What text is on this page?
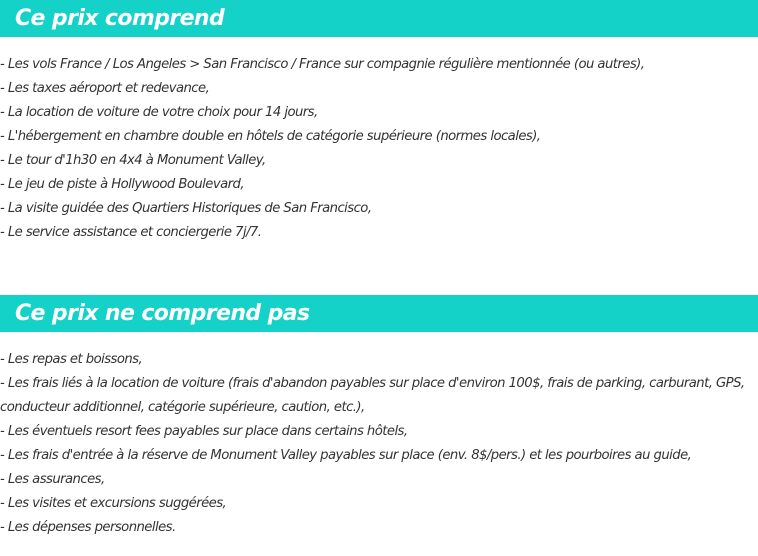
Ce prix comprend
- Les vols France / Los Angeles > San Francisco / France sur compagnie régulière mentionnée (ou autres),
- Les taxes aéroport et redevance,
- La location de voiture de votre choix pour 14 jours,
- L'hébergement en chambre double en hôtels de catégorie supérieure (normes locales),
- Le tour d'1h30 en 4x4 à Monument Valley,
- Le jeu de piste à Hollywood Boulevard,
- La visite guidée des Quartiers Historiques de San Francisco,
- Le service assistance et conciergerie 7j/7.
Ce prix ne comprend pas
- Les repas et boissons,
- Les frais liés à la location de voiture (frais d'abandon payables sur place d'environ 100$, frais de parking, carburant, GPS, conducteur additionnel, catégorie supérieure, caution, etc.),
- Les éventuels resort fees payables sur place dans certains hôtels,
- Les frais d'entrée à la réserve de Monument Valley payables sur place (env. 8$/pers.) et les pourboires au guide,
- Les assurances,
- Les visites et excursions suggérées,
- Les dépenses personnelles.
